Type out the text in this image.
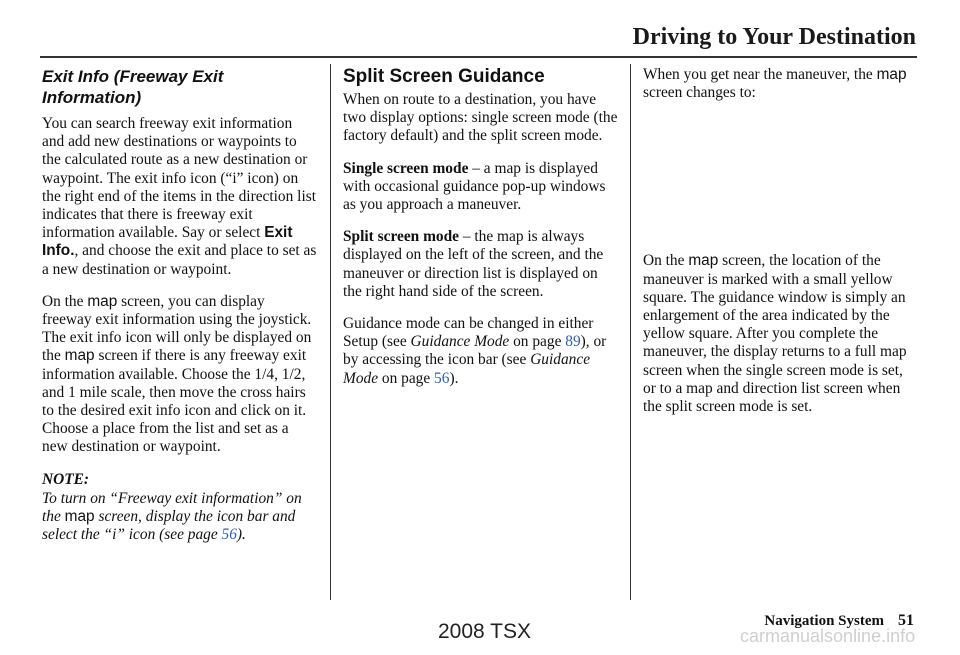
Driving to Your Destination
Exit Info (Freeway Exit Information)

You can search freeway exit information and add new destinations or waypoints to the calculated route as a new destination or waypoint. The exit info icon (“i” icon) on the right end of the items in the direction list indicates that there is freeway exit information available. Say or select Exit Info., and choose the exit and place to set as a new destination or waypoint.

On the map screen, you can display freeway exit information using the joystick. The exit info icon will only be displayed on the map screen if there is any freeway exit information available. Choose the 1/4, 1/2, and 1 mile scale, then move the cross hairs to the desired exit info icon and click on it. Choose a place from the list and set as a new destination or waypoint.

NOTE:
To turn on “Freeway exit information” on the map screen, display the icon bar and select the “i” icon (see page 56).
Split Screen Guidance

When on route to a destination, you have two display options: single screen mode (the factory default) and the split screen mode.

Single screen mode – a map is displayed with occasional guidance pop-up windows as you approach a maneuver.

Split screen mode – the map is always displayed on the left of the screen, and the maneuver or direction list is displayed on the right hand side of the screen.

Guidance mode can be changed in either Setup (see Guidance Mode on page 89), or by accessing the icon bar (see Guidance Mode on page 56).

When you get near the maneuver, the map screen changes to:

On the map screen, the location of the maneuver is marked with a small yellow square. The guidance window is simply an enlargement of the area indicated by the yellow square. After you complete the maneuver, the display returns to a full map screen when the single screen mode is set, or to a map and direction list screen when the split screen mode is set.

Navigation System 51
2008 TSX	carmanualsonline.info
